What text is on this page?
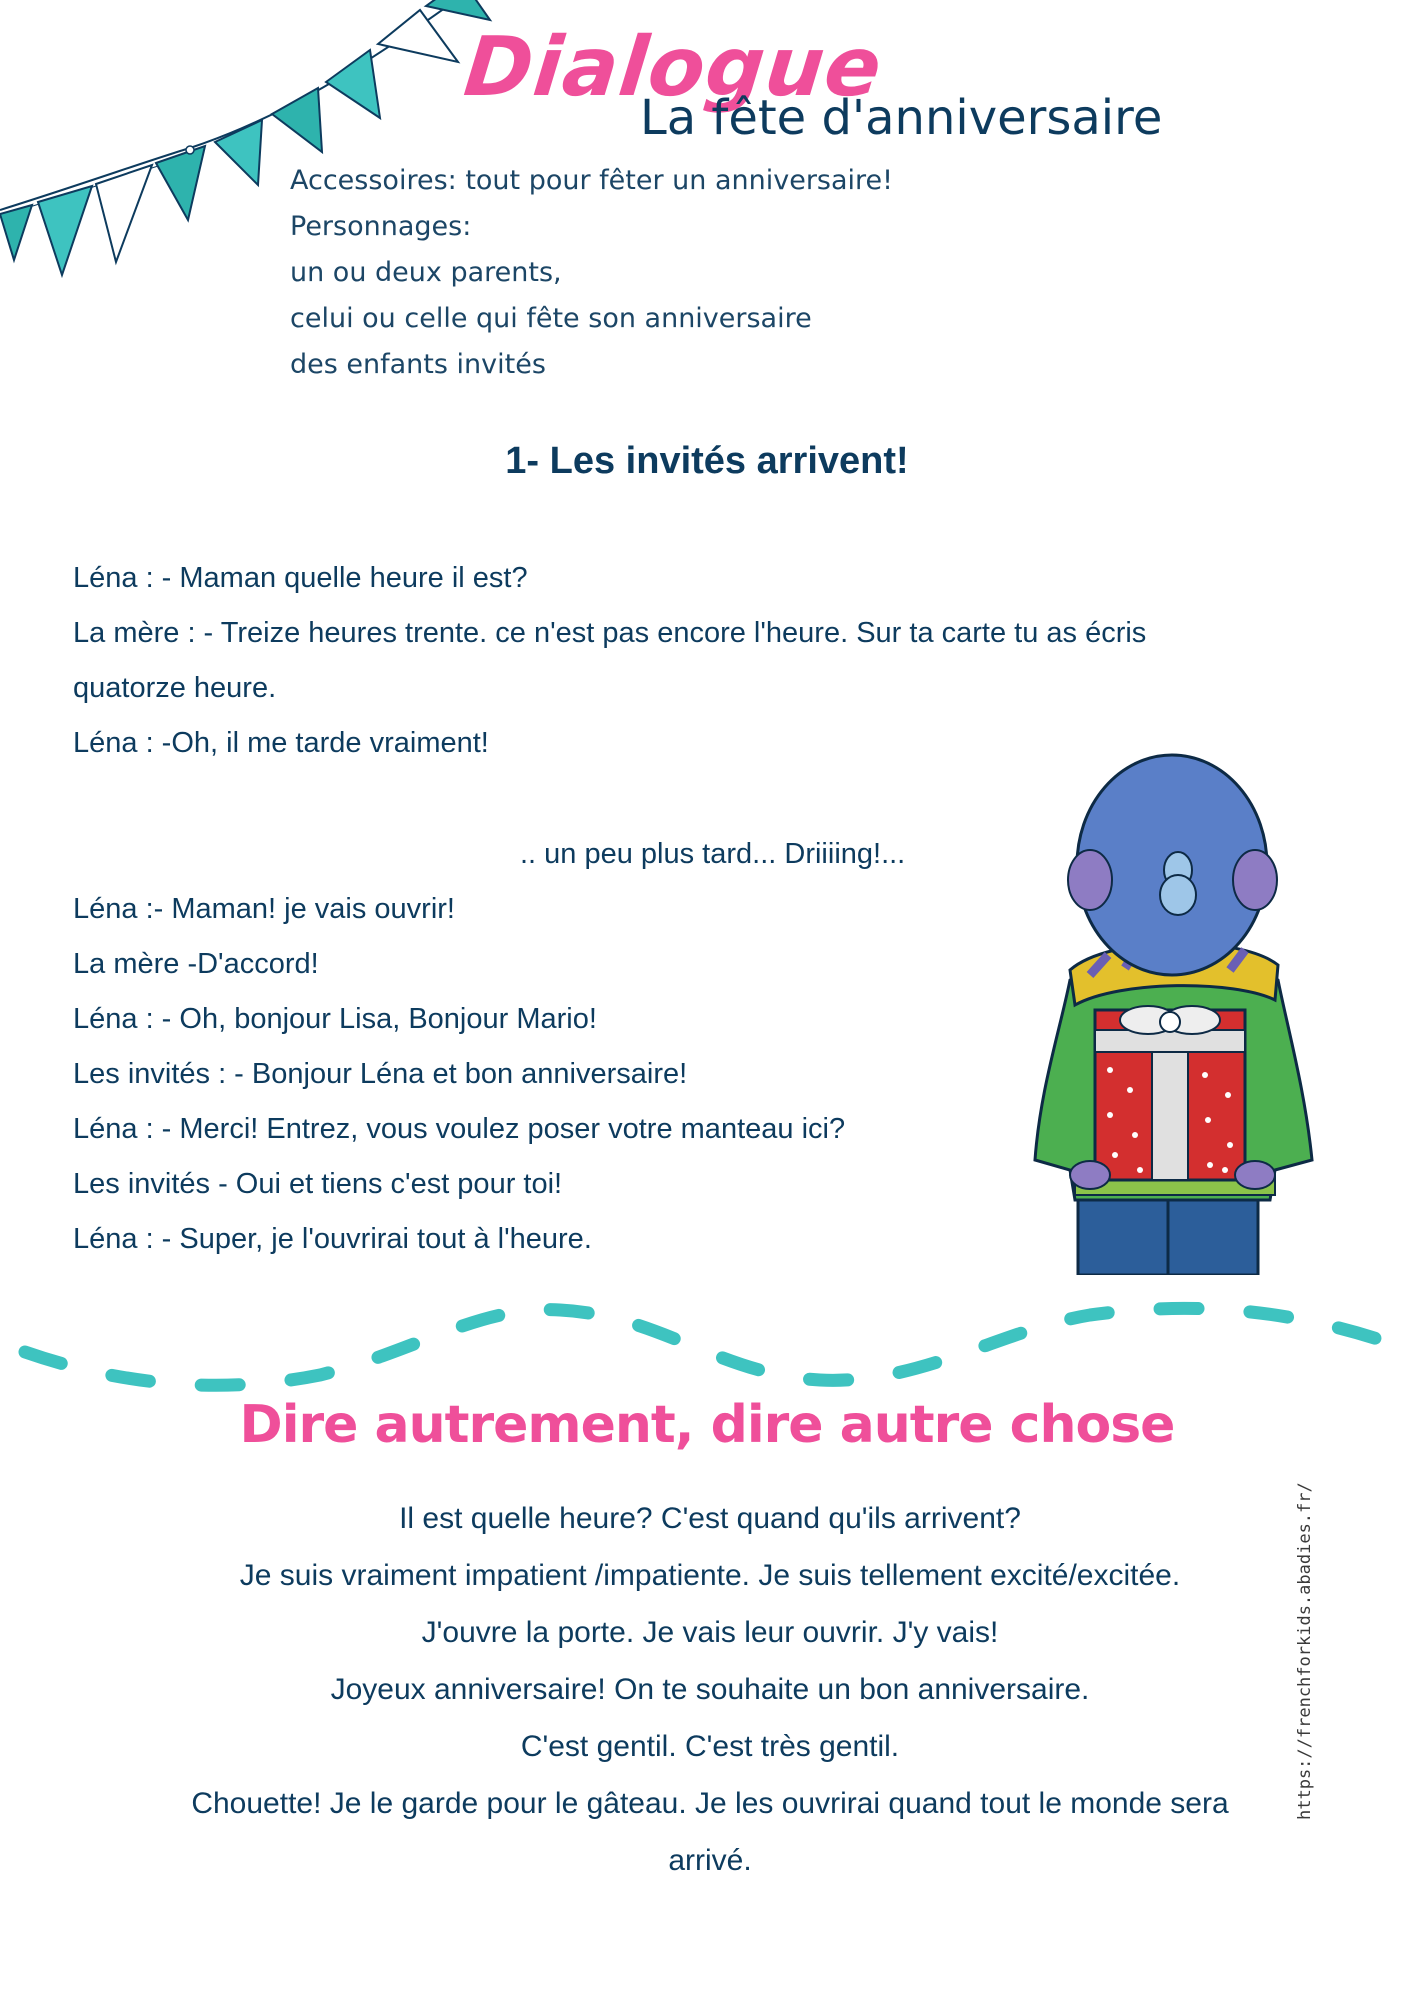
Dialogue
La fête d'anniversaire
Accessoires: tout pour fêter un anniversaire!
Personnages:
un ou deux parents,
celui ou celle qui fête son anniversaire
des enfants invités
1- Les invités arrivent!
Léna : - Maman quelle heure il est?
La mère : - Treize heures trente. ce n'est pas encore l'heure. Sur ta carte tu as écris
quatorze heure.
Léna : -Oh, il me tarde vraiment!
.. un peu plus tard... Driiiing!...
Léna :- Maman! je vais ouvrir!
La mère -D'accord!
Léna : - Oh, bonjour Lisa, Bonjour Mario!
Les invités : - Bonjour Léna et bon anniversaire!
Léna : - Merci! Entrez, vous voulez poser votre manteau ici?
Les invités - Oui et tiens c'est pour toi!
Léna : - Super, je l'ouvrirai tout à l'heure.
Dire autrement, dire autre chose
Il est quelle heure? C'est quand qu'ils arrivent?
Je suis vraiment impatient /impatiente. Je suis tellement excité/excitée.
J'ouvre la porte. Je vais leur ouvrir. J'y vais!
Joyeux anniversaire! On te souhaite un bon anniversaire.
C'est gentil. C'est très gentil.
Chouette! Je le garde pour le gâteau. Je les ouvrirai quand tout le monde sera
arrivé.
https://frenchforkids.abadies.fr/
